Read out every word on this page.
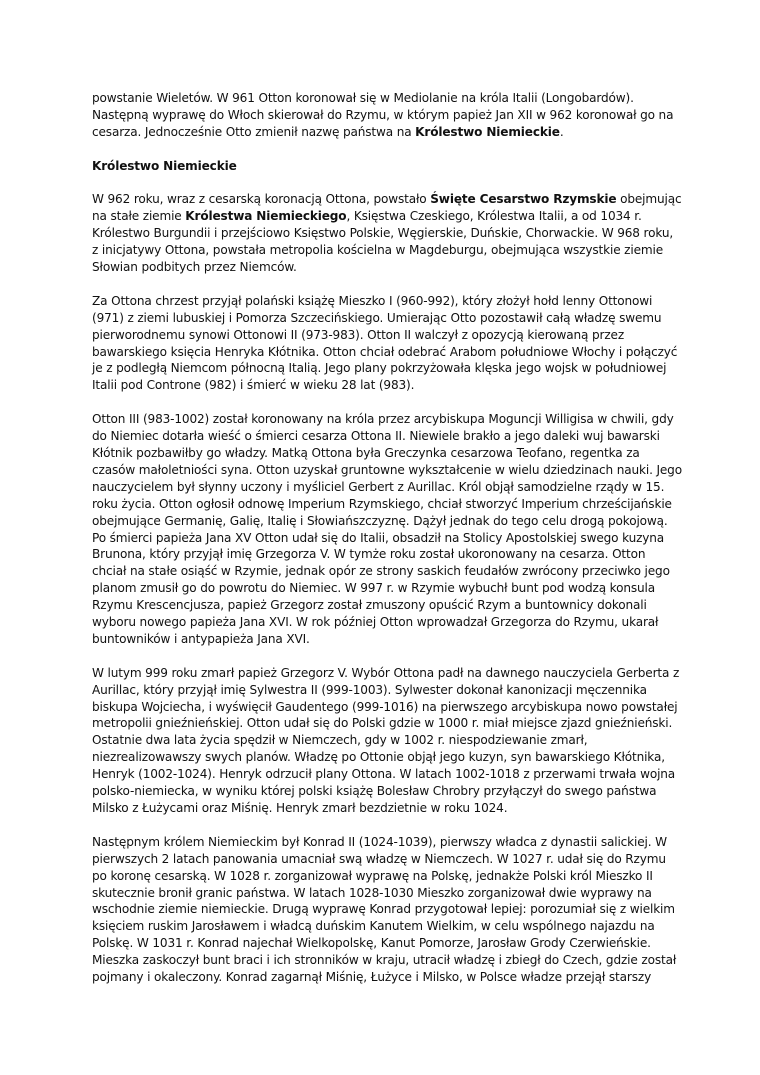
powstanie Wieletów. W 961 Otton koronował się w Mediolanie na króla Italii (Longobardów). Następną wyprawę do Włoch skierował do Rzymu, w którym papież Jan XII w 962 koronował go na cesarza. Jednocześnie Otto zmienił nazwę państwa na Królestwo Niemieckie.

Królestwo Niemieckie

W 962 roku, wraz z cesarską koronacją Ottona, powstało Święte Cesarstwo Rzymskie obejmując na stałe ziemie Królestwa Niemieckiego, Księstwa Czeskiego, Królestwa Italii, a od 1034 r. Królestwo Burgundii i przejściowo Księstwo Polskie, Węgierskie, Duńskie, Chorwackie. W 968 roku, z inicjatywy Ottona, powstała metropolia kościelna w Magdeburgu, obejmująca wszystkie ziemie Słowian podbitych przez Niemców.

Za Ottona chrzest przyjął polański książę Mieszko I (960-992), który złożył hołd lenny Ottonowi (971) z ziemi lubuskiej i Pomorza Szczecińskiego. Umierając Otto pozostawił całą władzę swemu pierworodnemu synowi Ottonowi II (973-983). Otton II walczył z opozycją kierowaną przez bawarskiego księcia Henryka Kłótnika. Otton chciał odebrać Arabom południowe Włochy i połączyć je z podległą Niemcom północną Italią. Jego plany pokrzyżowała klęska jego wojsk w południowej Italii pod Controne (982) i śmierć w wieku 28 lat (983).

Otton III (983-1002) został koronowany na króla przez arcybiskupa Moguncji Willigisa w chwili, gdy do Niemiec dotarła wieść o śmierci cesarza Ottona II. Niewiele brakło a jego daleki wuj bawarski Kłótnik pozbawiłby go władzy. Matką Ottona była Greczynka cesarzowa Teofano, regentka za czasów małoletniości syna. Otton uzyskał gruntowne wykształcenie w wielu dziedzinach nauki. Jego nauczycielem był słynny uczony i myśliciel Gerbert z Aurillac. Król objął samodzielne rządy w 15. roku życia. Otton ogłosił odnowę Imperium Rzymskiego, chciał stworzyć Imperium chrześcijańskie obejmujące Germanię, Galię, Italię i Słowiańszczyznę. Dążył jednak do tego celu drogą pokojową. Po śmierci papieża Jana XV Otton udał się do Italii, obsadził na Stolicy Apostolskiej swego kuzyna Brunona, który przyjął imię Grzegorza V. W tymże roku został ukoronowany na cesarza. Otton chciał na stałe osiąść w Rzymie, jednak opór ze strony saskich feudałów zwrócony przeciwko jego planom zmusił go do powrotu do Niemiec. W 997 r. w Rzymie wybuchł bunt pod wodzą konsula Rzymu Krescencjusza, papież Grzegorz został zmuszony opuścić Rzym a buntownicy dokonali wyboru nowego papieża Jana XVI. W rok później Otton wprowadzał Grzegorza do Rzymu, ukarał buntowników i antypapieża Jana XVI.

W lutym 999 roku zmarł papież Grzegorz V. Wybór Ottona padł na dawnego nauczyciela Gerberta z Aurillac, który przyjął imię Sylwestra II (999-1003). Sylwester dokonał kanonizacji męczennika biskupa Wojciecha, i wyświęcił Gaudentego (999-1016) na pierwszego arcybiskupa nowo powstałej metropolii gnieźnieńskiej. Otton udał się do Polski gdzie w 1000 r. miał miejsce zjazd gnieźnieński. Ostatnie dwa lata życia spędził w Niemczech, gdy w 1002 r. niespodziewanie zmarł, niezrealizowawszy swych planów. Władzę po Ottonie objął jego kuzyn, syn bawarskiego Kłótnika, Henryk (1002-1024). Henryk odrzucił plany Ottona. W latach 1002-1018 z przerwami trwała wojna polsko-niemiecka, w wyniku której polski książę Bolesław Chrobry przyłączył do swego państwa Milsko z Łużycami oraz Miśnię. Henryk zmarł bezdzietnie w roku 1024.

Następnym królem Niemieckim był Konrad II (1024-1039), pierwszy władca z dynastii salickiej. W pierwszych 2 latach panowania umacniał swą władzę w Niemczech. W 1027 r. udał się do Rzymu po koronę cesarską. W 1028 r. zorganizował wyprawę na Polskę, jednakże Polski król Mieszko II skutecznie bronił granic państwa. W latach 1028-1030 Mieszko zorganizował dwie wyprawy na wschodnie ziemie niemieckie. Drugą wyprawę Konrad przygotował lepiej: porozumiał się z wielkim księciem ruskim Jarosławem i władcą duńskim Kanutem Wielkim, w celu wspólnego najazdu na Polskę. W 1031 r. Konrad najechał Wielkopolskę, Kanut Pomorze, Jarosław Grody Czerwieńskie. Mieszka zaskoczył bunt braci i ich stronników w kraju, utracił władzę i zbiegł do Czech, gdzie został pojmany i okaleczony. Konrad zagarnął Miśnię, Łużyce i Milsko, w Polsce władze przejął starszy
